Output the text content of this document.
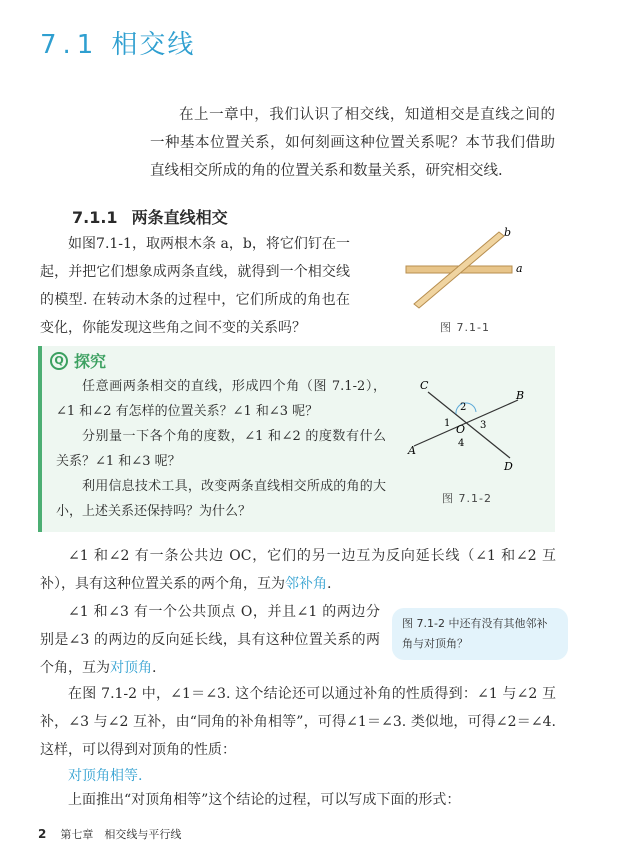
7.1 相交线
在上一章中，我们认识了相交线，知道相交是直线之间的一种基本位置关系，如何刻画这种位置关系呢？本节我们借助直线相交所成的角的位置关系和数量关系，研究相交线.
7.1.1 两条直线相交
如图7.1-1，取两根木条 a，b，将它们钉在一起，并把它们想象成两条直线，就得到一个相交线的模型. 在转动木条的过程中，它们所成的角也在变化，你能发现这些角之间不变的关系吗？
a
b
图 7.1-1
Q 探究

任意画两条相交的直线，形成四个角（图 7.1-2），∠1 和∠2 有怎样的位置关系？∠1 和∠3 呢？

分别量一下各个角的度数，∠1 和∠2 的度数有什么关系？∠1 和∠3 呢？

利用信息技术工具，改变两条直线相交所成的角的大小，上述关系还保持吗？为什么？

C
B
A
D
O
1
2
3
4
图 7.1-2

∠1 和∠2 有一条公共边 OC，它们的另一边互为反向延长线（∠1 和∠2 互补），具有这种位置关系的两个角，互为邻补角.

∠1 和∠3 有一个公共顶点 O，并且∠1 的两边分别是∠3 的两边的反向延长线，具有这种位置关系的两个角，互为对顶角.

图 7.1-2 中还有没有其他邻补角与对顶角？

在图 7.1-2 中，∠1＝∠3. 这个结论还可以通过补角的性质得到：∠1 与∠2 互补，∠3 与∠2 互补，由“同角的补角相等”，可得∠1＝∠3. 类似地，可得∠2＝∠4. 这样，可以得到对顶角的性质：

对顶角相等.

上面推出“对顶角相等”这个结论的过程，可以写成下面的形式：

2 第七章　相交线与平行线
